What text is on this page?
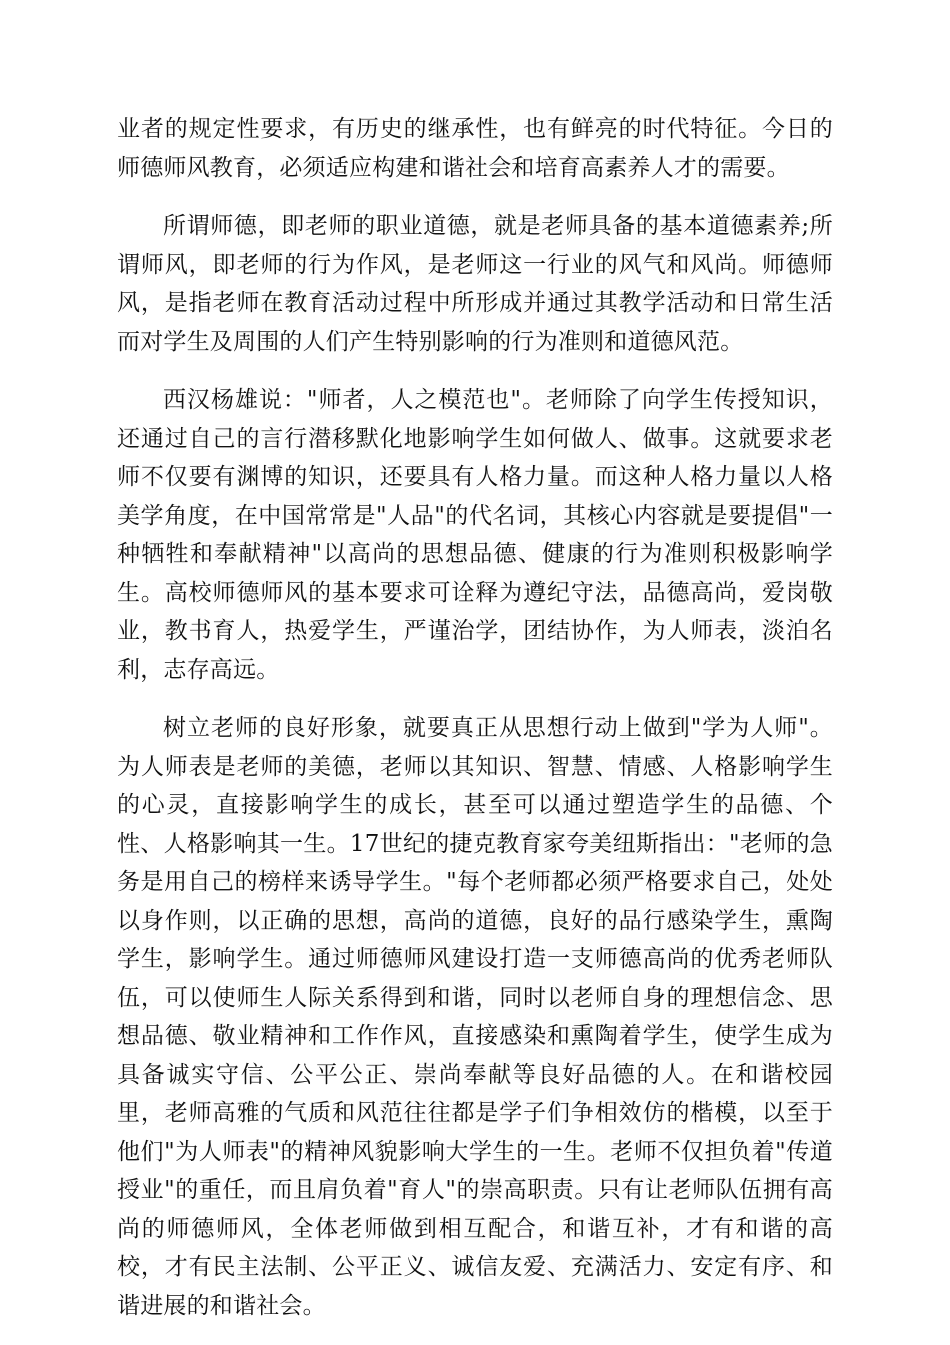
业者的规定性要求，有历史的继承性，也有鲜亮的时代特征。今日的师德师风教育，必须适应构建和谐社会和培育高素养人才的需要。

所谓师德，即老师的职业道德，就是老师具备的基本道德素养;所谓师风，即老师的行为作风，是老师这一行业的风气和风尚。师德师风，是指老师在教育活动过程中所形成并通过其教学活动和日常生活而对学生及周围的人们产生特别影响的行为准则和道德风范。

西汉杨雄说："师者，人之模范也"。老师除了向学生传授知识，还通过自己的言行潜移默化地影响学生如何做人、做事。这就要求老师不仅要有渊博的知识，还要具有人格力量。而这种人格力量以人格美学角度，在中国常常是"人品"的代名词，其核心内容就是要提倡"一种牺牲和奉献精神"以高尚的思想品德、健康的行为准则积极影响学生。高校师德师风的基本要求可诠释为遵纪守法，品德高尚，爱岗敬业，教书育人，热爱学生，严谨治学，团结协作，为人师表，淡泊名利，志存高远。

树立老师的良好形象，就要真正从思想行动上做到"学为人师"。为人师表是老师的美德，老师以其知识、智慧、情感、人格影响学生的心灵，直接影响学生的成长，甚至可以通过塑造学生的品德、个性、人格影响其一生。17世纪的捷克教育家夸美纽斯指出："老师的急务是用自己的榜样来诱导学生。"每个老师都必须严格要求自己，处处以身作则，以正确的思想，高尚的道德，良好的品行感染学生，熏陶学生，影响学生。通过师德师风建设打造一支师德高尚的优秀老师队伍，可以使师生人际关系得到和谐，同时以老师自身的理想信念、思想品德、敬业精神和工作作风，直接感染和熏陶着学生，使学生成为具备诚实守信、公平公正、崇尚奉献等良好品德的人。在和谐校园里，老师高雅的气质和风范往往都是学子们争相效仿的楷模，以至于他们"为人师表"的精神风貌影响大学生的一生。老师不仅担负着"传道授业"的重任，而且肩负着"育人"的崇高职责。只有让老师队伍拥有高尚的师德师风，全体老师做到相互配合，和谐互补，才有和谐的高校，才有民主法制、公平正义、诚信友爱、充满活力、安定有序、和谐进展的和谐社会。
